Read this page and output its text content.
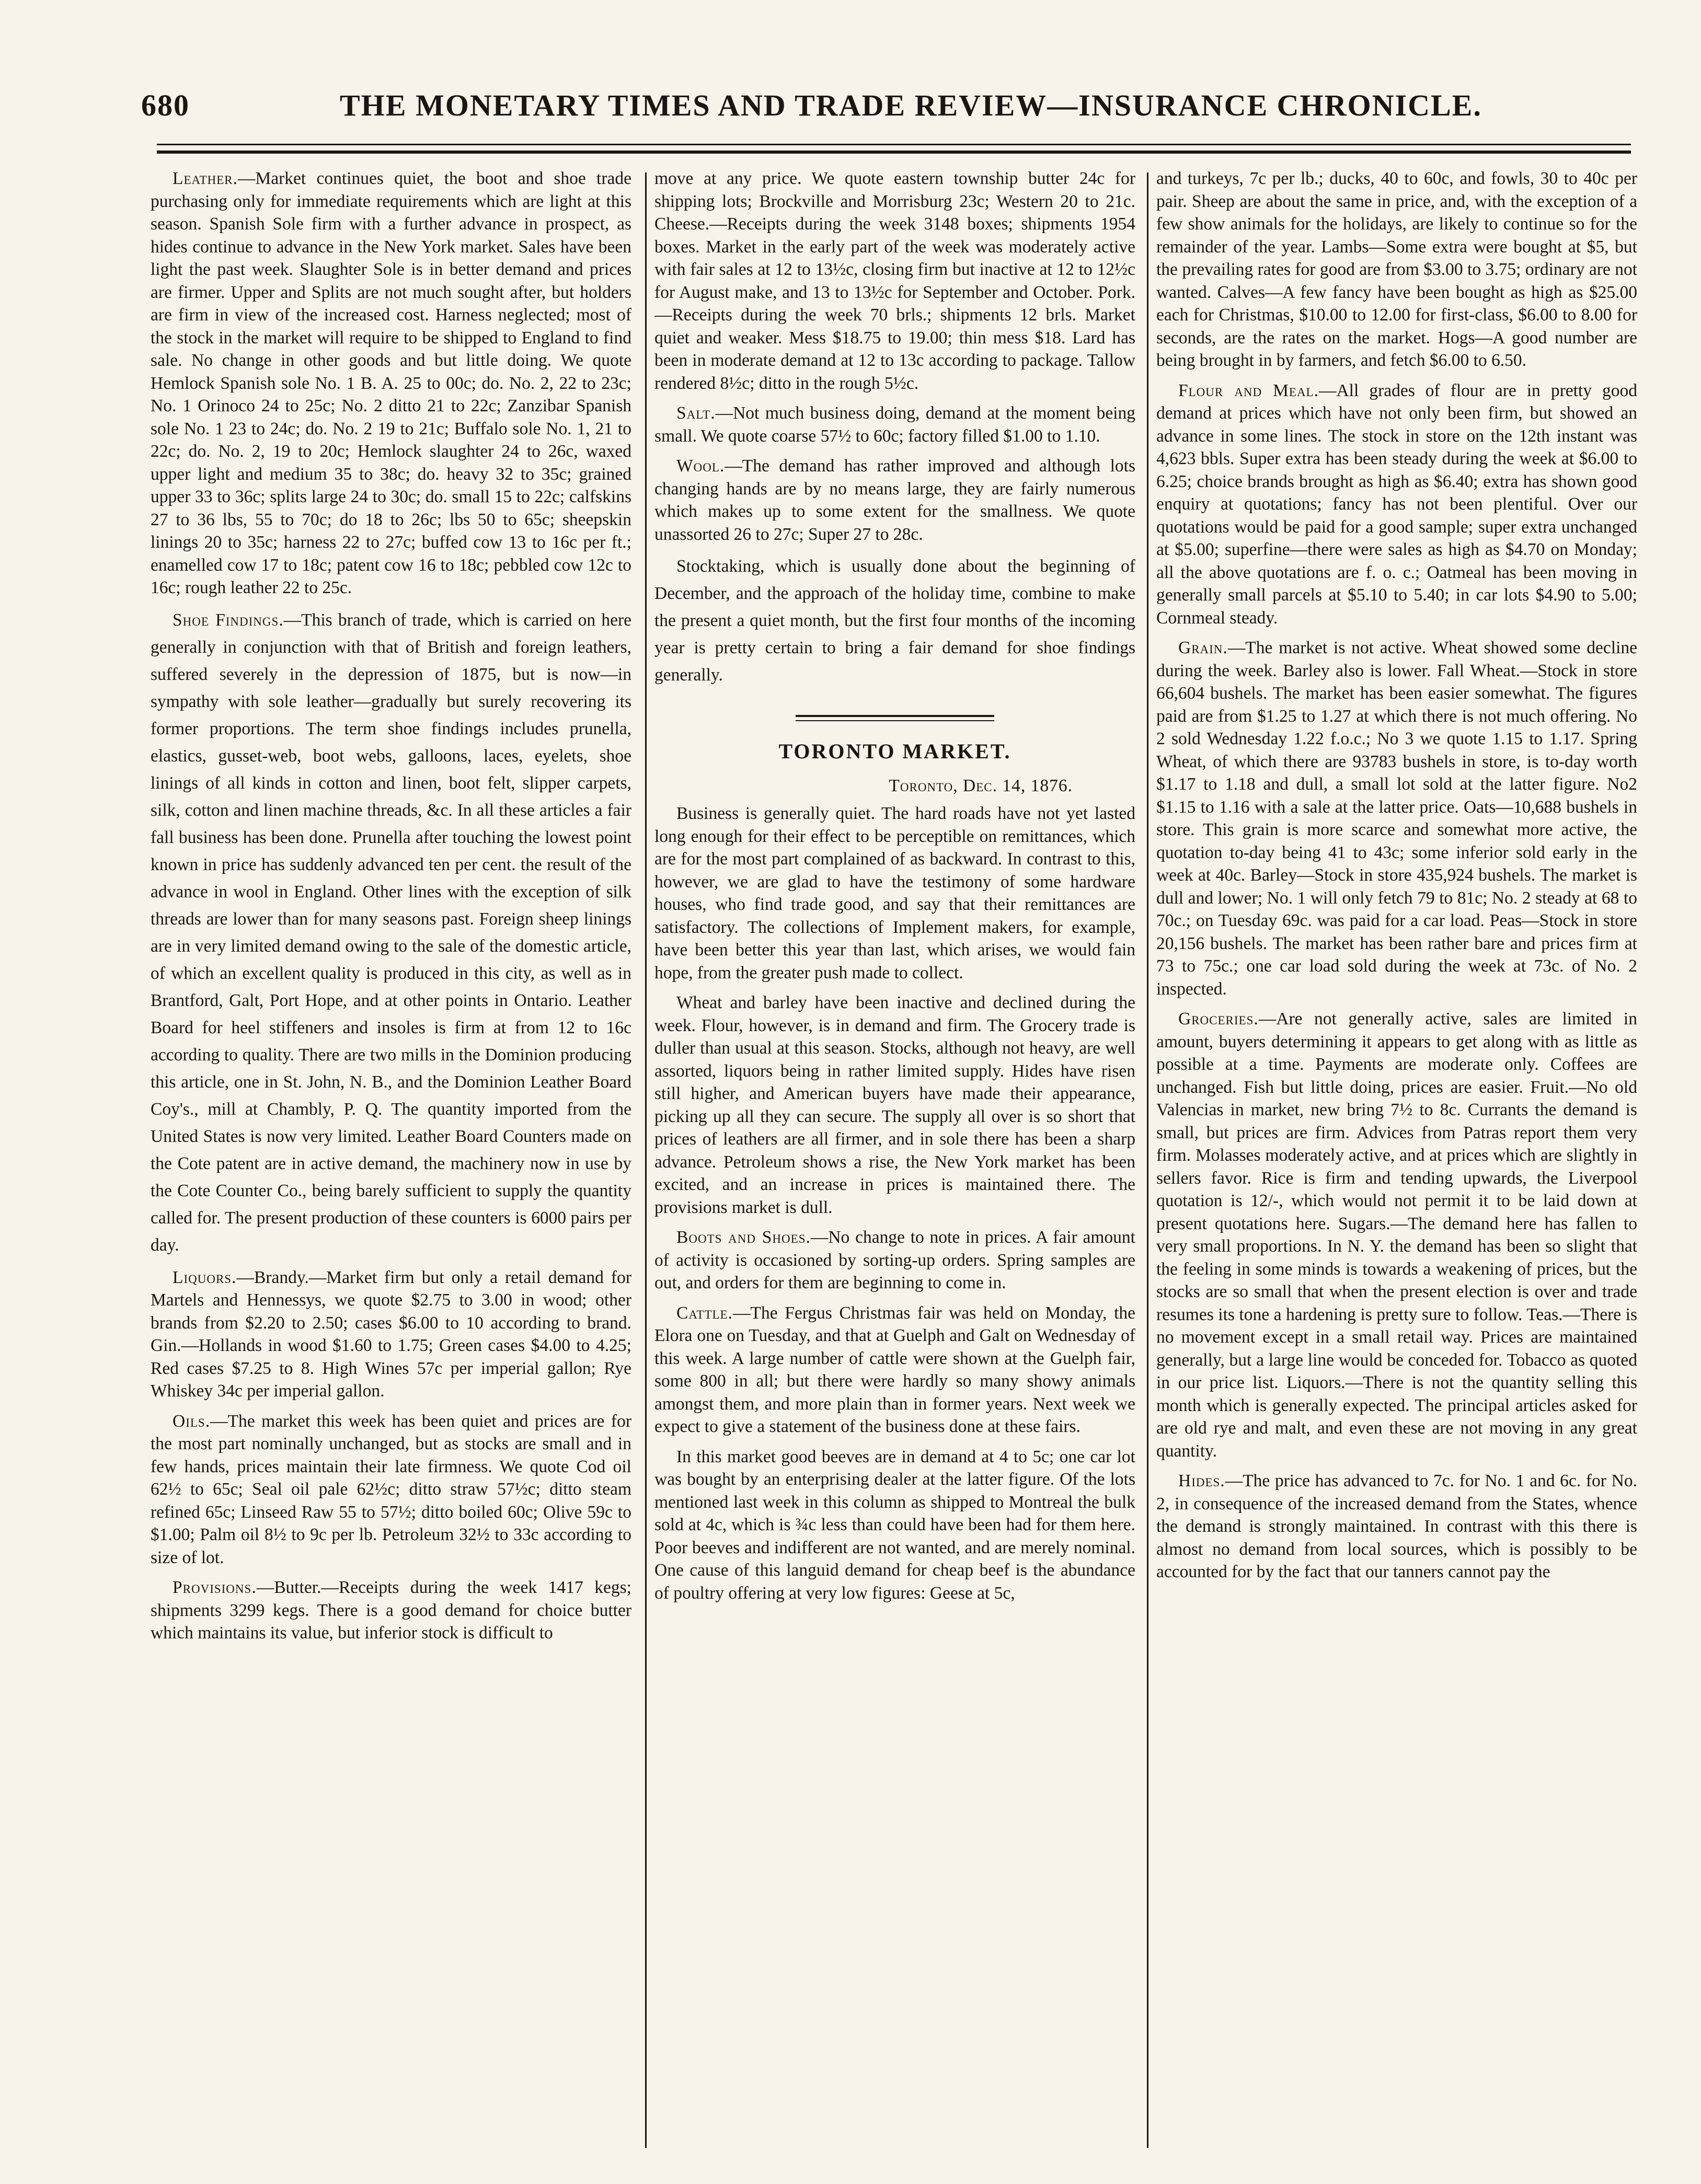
680	THE MONETARY TIMES AND TRADE REVIEW—INSURANCE CHRONICLE.

Leather.—Market continues quiet, the boot and shoe trade purchasing only for immediate requirements which are light at this season. Spanish Sole firm with a further advance in prospect, as hides continue to advance in the New York market. Sales have been light the past week. Slaughter Sole is in better demand and prices are firmer. Upper and Splits are not much sought after, but holders are firm in view of the increased cost. Harness neglected; most of the stock in the market will require to be shipped to England to find sale. No change in other goods and but little doing. We quote Hemlock Spanish sole No. 1 B. A. 25 to 00c; do. No. 2, 22 to 23c; No. 1 Orinoco 24 to 25c; No. 2 ditto 21 to 22c; Zanzibar Spanish sole No. 1 23 to 24c; do. No. 2 19 to 21c; Buffalo sole No. 1, 21 to 22c; do. No. 2, 19 to 20c; Hemlock slaughter 24 to 26c, waxed upper light and medium 35 to 38c; do. heavy 32 to 35c; grained upper 33 to 36c; splits large 24 to 30c; do. small 15 to 22c; calfskins 27 to 36 lbs, 55 to 70c; do 18 to 26c; lbs 50 to 65c; sheepskin linings 20 to 35c; harness 22 to 27c; buffed cow 13 to 16c per ft.; enamelled cow 17 to 18c; patent cow 16 to 18c; pebbled cow 12c to 16c; rough leather 22 to 25c.

Shoe Findings.—This branch of trade, which is carried on here generally in conjunction with that of British and foreign leathers, suffered severely in the depression of 1875, but is now—in sympathy with sole leather—gradually but surely recovering its former proportions. The term shoe findings includes prunella, elastics, gusset-web, boot webs, galloons, laces, eyelets, shoe linings of all kinds in cotton and linen, boot felt, slipper carpets, silk, cotton and linen machine threads, &c. In all these articles a fair fall business has been done. Prunella after touching the lowest point known in price has suddenly advanced ten per cent. the result of the advance in wool in England. Other lines with the exception of silk threads are lower than for many seasons past. Foreign sheep linings are in very limited demand owing to the sale of the domestic article, of which an excellent quality is produced in this city, as well as in Brantford, Galt, Port Hope, and at other points in Ontario. Leather Board for heel stiffeners and insoles is firm at from 12 to 16c according to quality. There are two mills in the Dominion producing this article, one in St. John, N. B., and the Dominion Leather Board Coy's., mill at Chambly, P. Q. The quantity imported from the United States is now very limited. Leather Board Counters made on the Cote patent are in active demand, the machinery now in use by the Cote Counter Co., being barely sufficient to supply the quantity called for. The present production of these counters is 6000 pairs per day.

Liquors.—Brandy.—Market firm but only a retail demand for Martels and Hennessys, we quote $2.75 to 3.00 in wood; other brands from $2.20 to 2.50; cases $6.00 to 10 according to brand. Gin.—Hollands in wood $1.60 to 1.75; Green cases $4.00 to 4.25; Red cases $7.25 to 8. High Wines 57c per imperial gallon; Rye Whiskey 34c per imperial gallon.

Oils.—The market this week has been quiet and prices are for the most part nominally unchanged, but as stocks are small and in few hands, prices maintain their late firmness. We quote Cod oil 62½ to 65c; Seal oil pale 62½c; ditto straw 57½c; ditto steam refined 65c; Linseed Raw 55 to 57½; ditto boiled 60c; Olive 59c to $1.00; Palm oil 8½ to 9c per lb. Petroleum 32½ to 33c according to size of lot.

Provisions.—Butter.—Receipts during the week 1417 kegs; shipments 3299 kegs. There is a good demand for choice butter which maintains its value, but inferior stock is difficult to

move at any price. We quote eastern township butter 24c for shipping lots; Brockville and Morrisburg 23c; Western 20 to 21c. Cheese.—Receipts during the week 3148 boxes; shipments 1954 boxes. Market in the early part of the week was moderately active with fair sales at 12 to 13½c, closing firm but inactive at 12 to 12½c for August make, and 13 to 13½c for September and October. Pork.—Receipts during the week 70 brls.; shipments 12 brls. Market quiet and weaker. Mess $18.75 to 19.00; thin mess $18. Lard has been in moderate demand at 12 to 13c according to package. Tallow rendered 8½c; ditto in the rough 5½c.

Salt.—Not much business doing, demand at the moment being small. We quote coarse 57½ to 60c; factory filled $1.00 to 1.10.

Wool.—The demand has rather improved and although lots changing hands are by no means large, they are fairly numerous which makes up to some extent for the smallness. We quote unassorted 26 to 27c; Super 27 to 28c.

Stocktaking, which is usually done about the beginning of December, and the approach of the holiday time, combine to make the present a quiet month, but the first four months of the incoming year is pretty certain to bring a fair demand for shoe findings generally.

TORONTO MARKET.

Toronto, Dec. 14, 1876.

Business is generally quiet. The hard roads have not yet lasted long enough for their effect to be perceptible on remittances, which are for the most part complained of as backward. In contrast to this, however, we are glad to have the testimony of some hardware houses, who find trade good, and say that their remittances are satisfactory. The collections of Implement makers, for example, have been better this year than last, which arises, we would fain hope, from the greater push made to collect.

Wheat and barley have been inactive and declined during the week. Flour, however, is in demand and firm. The Grocery trade is duller than usual at this season. Stocks, although not heavy, are well assorted, liquors being in rather limited supply. Hides have risen still higher, and American buyers have made their appearance, picking up all they can secure. The supply all over is so short that prices of leathers are all firmer, and in sole there has been a sharp advance. Petroleum shows a rise, the New York market has been excited, and an increase in prices is maintained there. The provisions market is dull.

Boots and Shoes.—No change to note in prices. A fair amount of activity is occasioned by sorting-up orders. Spring samples are out, and orders for them are beginning to come in.

Cattle.—The Fergus Christmas fair was held on Monday, the Elora one on Tuesday, and that at Guelph and Galt on Wednesday of this week. A large number of cattle were shown at the Guelph fair, some 800 in all; but there were hardly so many showy animals amongst them, and more plain than in former years. Next week we expect to give a statement of the business done at these fairs.

In this market good beeves are in demand at 4 to 5c; one car lot was bought by an enterprising dealer at the latter figure. Of the lots mentioned last week in this column as shipped to Montreal the bulk sold at 4c, which is ¾c less than could have been had for them here. Poor beeves and indifferent are not wanted, and are merely nominal. One cause of this languid demand for cheap beef is the abundance of poultry offering at very low figures: Geese at 5c,

and turkeys, 7c per lb.; ducks, 40 to 60c, and fowls, 30 to 40c per pair. Sheep are about the same in price, and, with the exception of a few show animals for the holidays, are likely to continue so for the remainder of the year. Lambs—Some extra were bought at $5, but the prevailing rates for good are from $3.00 to 3.75; ordinary are not wanted. Calves—A few fancy have been bought as high as $25.00 each for Christmas, $10.00 to 12.00 for first-class, $6.00 to 8.00 for seconds, are the rates on the market. Hogs—A good number are being brought in by farmers, and fetch $6.00 to 6.50.

Flour and Meal.—All grades of flour are in pretty good demand at prices which have not only been firm, but showed an advance in some lines. The stock in store on the 12th instant was 4,623 bbls. Super extra has been steady during the week at $6.00 to 6.25; choice brands brought as high as $6.40; extra has shown good enquiry at quotations; fancy has not been plentiful. Over our quotations would be paid for a good sample; super extra unchanged at $5.00; superfine—there were sales as high as $4.70 on Monday; all the above quotations are f. o. c.; Oatmeal has been moving in generally small parcels at $5.10 to 5.40; in car lots $4.90 to 5.00; Cornmeal steady.

Grain.—The market is not active. Wheat showed some decline during the week. Barley also is lower. Fall Wheat.—Stock in store 66,604 bushels. The market has been easier somewhat. The figures paid are from $1.25 to 1.27 at which there is not much offering. No 2 sold Wednesday 1.22 f.o.c.; No 3 we quote 1.15 to 1.17. Spring Wheat, of which there are 93783 bushels in store, is to-day worth $1.17 to 1.18 and dull, a small lot sold at the latter figure. No2 $1.15 to 1.16 with a sale at the latter price. Oats—10,688 bushels in store. This grain is more scarce and somewhat more active, the quotation to-day being 41 to 43c; some inferior sold early in the week at 40c. Barley—Stock in store 435,924 bushels. The market is dull and lower; No. 1 will only fetch 79 to 81c; No. 2 steady at 68 to 70c.; on Tuesday 69c. was paid for a car load. Peas—Stock in store 20,156 bushels. The market has been rather bare and prices firm at 73 to 75c.; one car load sold during the week at 73c. of No. 2 inspected.

Groceries.—Are not generally active, sales are limited in amount, buyers determining it appears to get along with as little as possible at a time. Payments are moderate only. Coffees are unchanged. Fish but little doing, prices are easier. Fruit.—No old Valencias in market, new bring 7½ to 8c. Currants the demand is small, but prices are firm. Advices from Patras report them very firm. Molasses moderately active, and at prices which are slightly in sellers favor. Rice is firm and tending upwards, the Liverpool quotation is 12/-, which would not permit it to be laid down at present quotations here. Sugars.—The demand here has fallen to very small proportions. In N. Y. the demand has been so slight that the feeling in some minds is towards a weakening of prices, but the stocks are so small that when the present election is over and trade resumes its tone a hardening is pretty sure to follow. Teas.—There is no movement except in a small retail way. Prices are maintained generally, but a large line would be conceded for. Tobacco as quoted in our price list. Liquors.—There is not the quantity selling this month which is generally expected. The principal articles asked for are old rye and malt, and even these are not moving in any great quantity.

Hides.—The price has advanced to 7c. for No. 1 and 6c. for No. 2, in consequence of the increased demand from the States, whence the demand is strongly maintained. In contrast with this there is almost no demand from local sources, which is possibly to be accounted for by the fact that our tanners cannot pay the
